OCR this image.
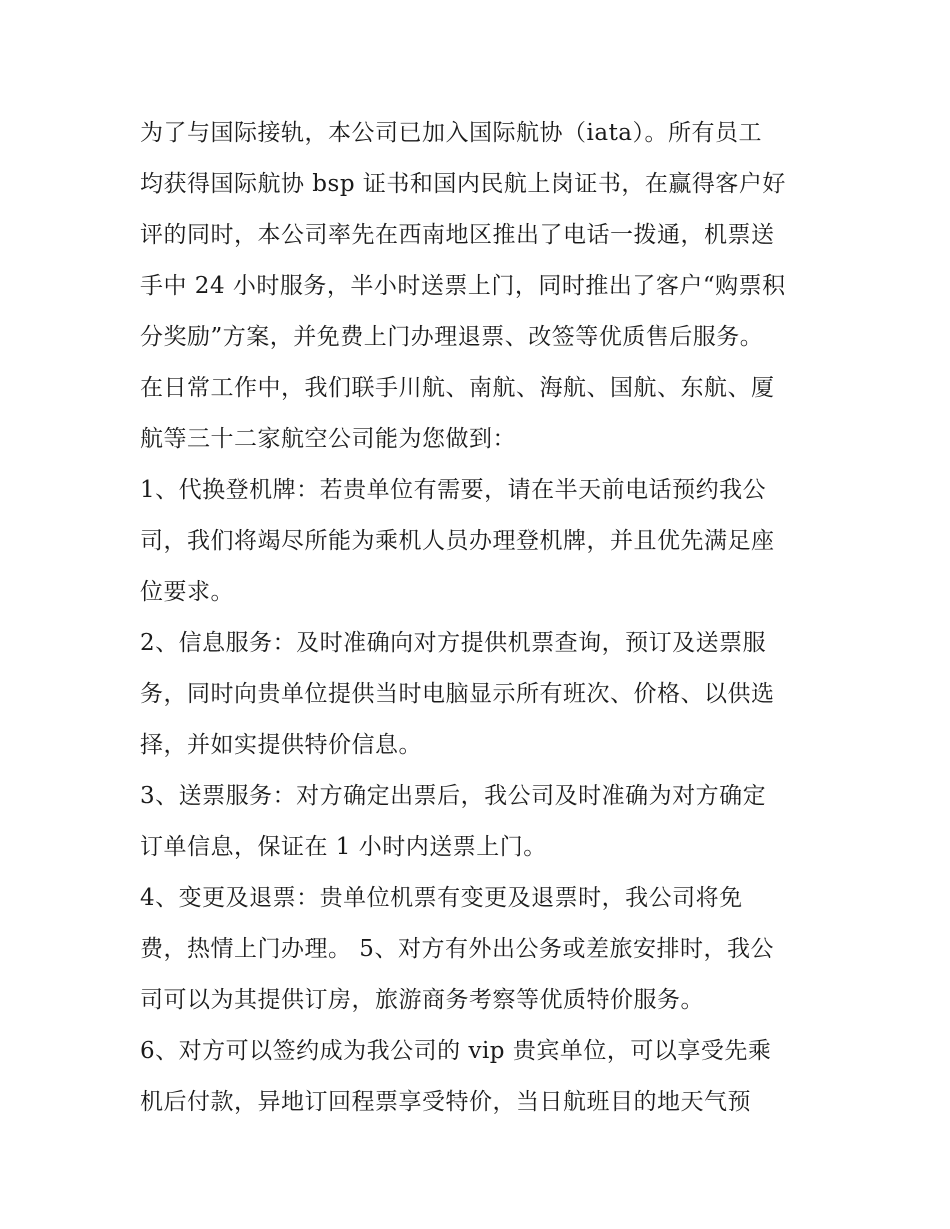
为了与国际接轨，本公司已加入国际航协（iata）。所有员工
均获得国际航协 bsp 证书和国内民航上岗证书，在赢得客户好
评的同时，本公司率先在西南地区推出了电话一拨通，机票送
手中 24 小时服务，半小时送票上门，同时推出了客户“购票积
分奖励”方案，并免费上门办理退票、改签等优质售后服务。
在日常工作中，我们联手川航、南航、海航、国航、东航、厦
航等三十二家航空公司能为您做到：
1、代换登机牌：若贵单位有需要，请在半天前电话预约我公
司，我们将竭尽所能为乘机人员办理登机牌，并且优先满足座
位要求。
2、信息服务：及时准确向对方提供机票查询，预订及送票服
务，同时向贵单位提供当时电脑显示所有班次、价格、以供选
择，并如实提供特价信息。
3、送票服务：对方确定出票后，我公司及时准确为对方确定
订单信息，保证在 1 小时内送票上门。
4、变更及退票：贵单位机票有变更及退票时，我公司将免
费，热情上门办理。 5、对方有外出公务或差旅安排时，我公
司可以为其提供订房，旅游商务考察等优质特价服务。
6、对方可以签约成为我公司的 vip 贵宾单位，可以享受先乘
机后付款，异地订回程票享受特价，当日航班目的地天气预
